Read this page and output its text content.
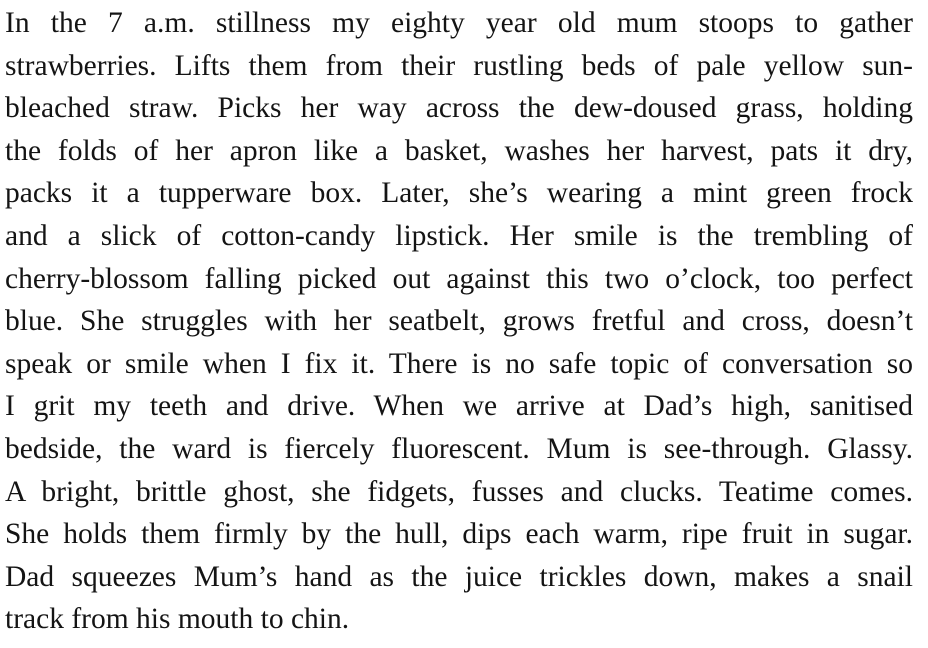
In the 7 a.m. stillness my eighty year old mum stoops to gather
strawberries. Lifts them from their rustling beds of pale yellow sun-
bleached straw. Picks her way across the dew-doused grass, holding
the folds of her apron like a basket, washes her harvest, pats it dry,
packs it a tupperware box. Later, she’s wearing a mint green frock
and a slick of cotton-candy lipstick. Her smile is the trembling of
cherry-blossom falling picked out against this two o’clock, too perfect
blue. She struggles with her seatbelt, grows fretful and cross, doesn’t
speak or smile when I fix it. There is no safe topic of conversation so
I grit my teeth and drive. When we arrive at Dad’s high, sanitised
bedside, the ward is fiercely fluorescent. Mum is see-through. Glassy.
A bright, brittle ghost, she fidgets, fusses and clucks. Teatime comes.
She holds them firmly by the hull, dips each warm, ripe fruit in sugar.
Dad squeezes Mum’s hand as the juice trickles down, makes a snail
track from his mouth to chin.
